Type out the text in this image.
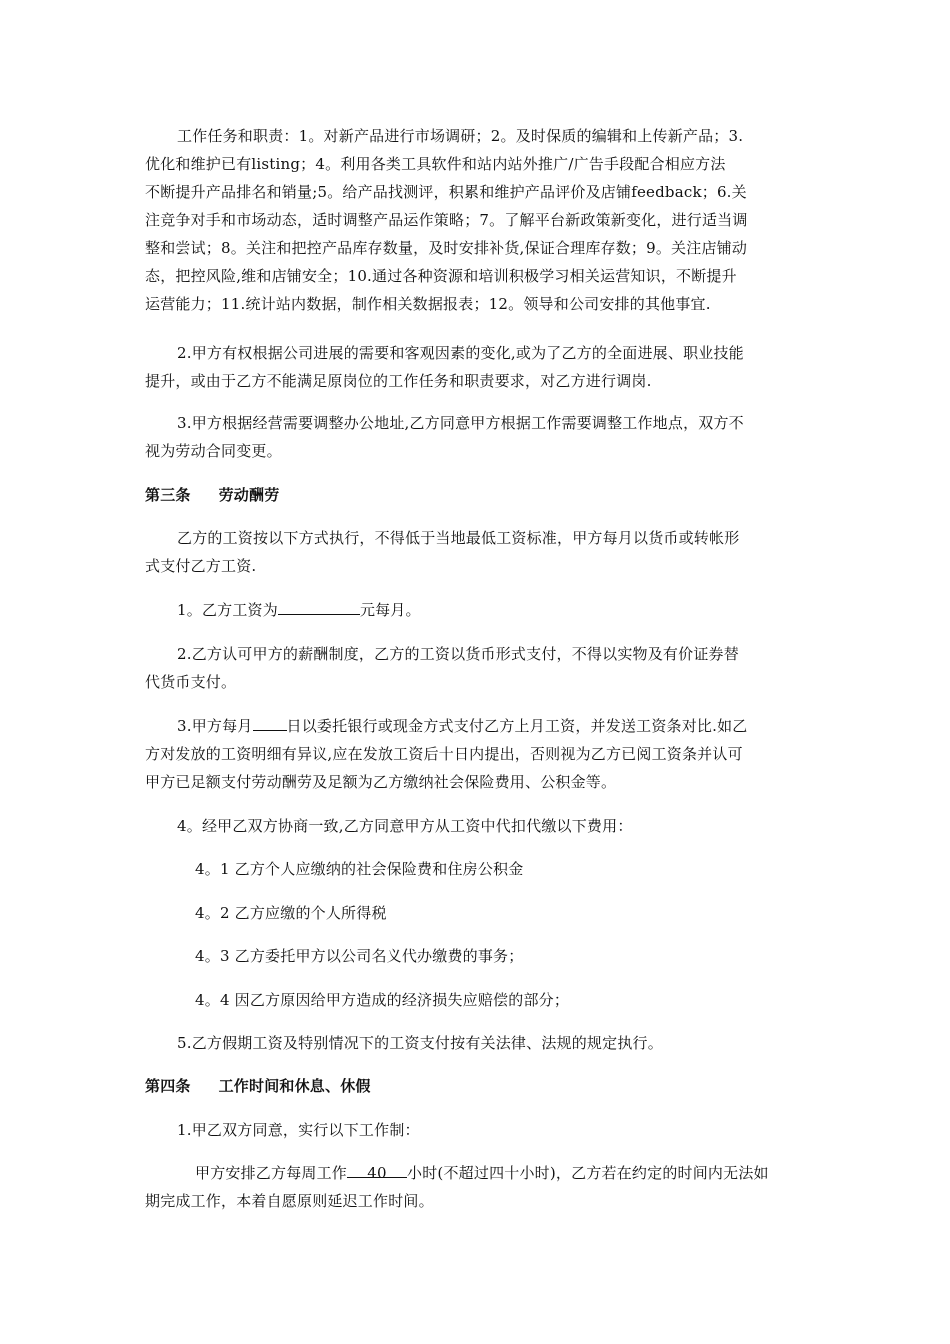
工作任务和职责：1。对新产品进行市场调研；2。及时保质的编辑和上传新产品；3.
优化和维护已有listing；4。利用各类工具软件和站内站外推广/广告手段配合相应方法
不断提升产品排名和销量;5。给产品找测评，积累和维护产品评价及店铺feedback；6.关
注竞争对手和市场动态，适时调整产品运作策略；7。了解平台新政策新变化，进行适当调
整和尝试；8。关注和把控产品库存数量，及时安排补货,保证合理库存数；9。关注店铺动
态，把控风险,维和店铺安全；10.通过各种资源和培训积极学习相关运营知识，不断提升
运营能力；11.统计站内数据，制作相关数据报表；12。领导和公司安排的其他事宜.
2.甲方有权根据公司进展的需要和客观因素的变化,或为了乙方的全面进展、职业技能
提升，或由于乙方不能满足原岗位的工作任务和职责要求，对乙方进行调岗.
3.甲方根据经营需要调整办公地址,乙方同意甲方根据工作需要调整工作地点，双方不
视为劳动合同变更。
第三条 劳动酬劳
乙方的工资按以下方式执行，不得低于当地最低工资标准，甲方每月以货币或转帐形
式支付乙方工资.
1。乙方工资为	元每月。
2.乙方认可甲方的薪酬制度，乙方的工资以货币形式支付，不得以实物及有价证券替
代货币支付。
3.甲方每月 日以委托银行或现金方式支付乙方上月工资，并发送工资条对比.如乙
方对发放的工资明细有异议,应在发放工资后十日内提出，否则视为乙方已阅工资条并认可
甲方已足额支付劳动酬劳及足额为乙方缴纳社会保险费用、公积金等。
4。经甲乙双方协商一致,乙方同意甲方从工资中代扣代缴以下费用：
4。1 乙方个人应缴纳的社会保险费和住房公积金
4。2 乙方应缴的个人所得税
4。3 乙方委托甲方以公司名义代办缴费的事务；
4。4 因乙方原因给甲方造成的经济损失应赔偿的部分；
5.乙方假期工资及特别情况下的工资支付按有关法律、法规的规定执行。
第四条 工作时间和休息、休假
1.甲乙双方同意，实行以下工作制：
甲方安排乙方每周工作 40 小时(不超过四十小时)，乙方若在约定的时间内无法如
期完成工作，本着自愿原则延迟工作时间。
